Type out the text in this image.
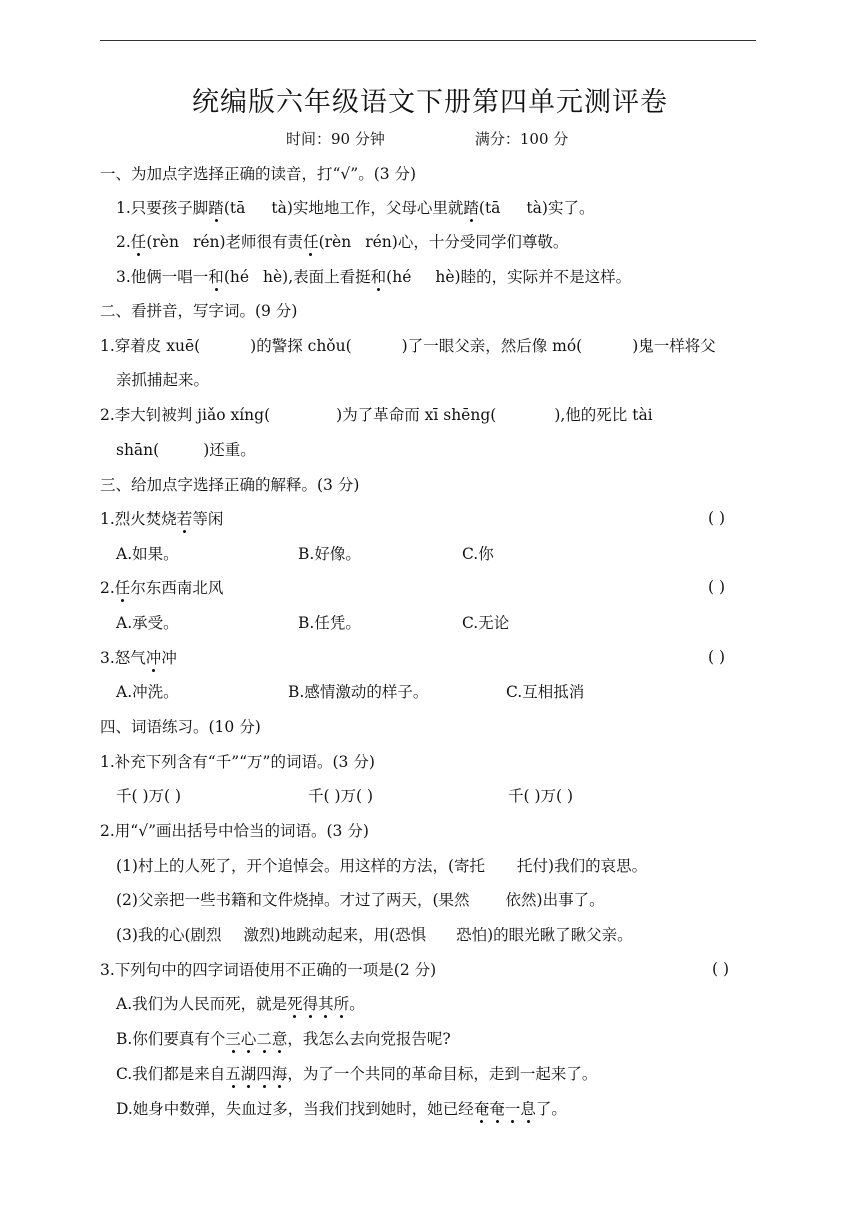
统编版六年级语文下册第四单元测评卷
时间：90 分钟	满分：100 分
一、为加点字选择正确的读音，打“√”。(3 分)
1.只要孩子脚踏(tā tà)实地地工作，父母心里就踏(tā tà)实了。
2.任(rèn rén)老师很有责任(rèn rén)心，十分受同学们尊敬。
3.他俩一唱一和(hé hè),表面上看挺和(hé hè)睦的，实际并不是这样。
二、看拼音，写字词。(9 分)
1.穿着皮 xuē(	)的警探 chǒu(	)了一眼父亲，然后像 mó(	)鬼一样将父
亲抓捕起来。
2.李大钊被判 jiǎo xíng(	)为了革命而 xī shēng(	),他的死比 tài
shān(	)还重。
三、给加点字选择正确的解释。(3 分)
1.烈火焚烧若等闲	( )
A.如果。	B.好像。	C.你
2.任尔东西南北风	( )
A.承受。	B.任凭。	C.无论
3.怒气冲冲	( )
A.冲洗。	B.感情激动的样子。	C.互相抵消
四、词语练习。(10 分)
1.补充下列含有“千”“万”的词语。(3 分)
千( )万( )	千( )万( )	千( )万( )
2.用“√”画出括号中恰当的词语。(3 分)
(1)村上的人死了，开个追悼会。用这样的方法，(寄托 托付)我们的哀思。
(2)父亲把一些书籍和文件烧掉。才过了两天，(果然 依然)出事了。
(3)我的心(剧烈 激烈)地跳动起来，用(恐惧 恐怕)的眼光瞅了瞅父亲。
3.下列句中的四字词语使用不正确的一项是(2 分)	( )
A.我们为人民而死，就是死得其所。
B.你们要真有个三心二意，我怎么去向党报告呢?
C.我们都是来自五湖四海，为了一个共同的革命目标，走到一起来了。
D.她身中数弹，失血过多，当我们找到她时，她已经奄奄一息了。
